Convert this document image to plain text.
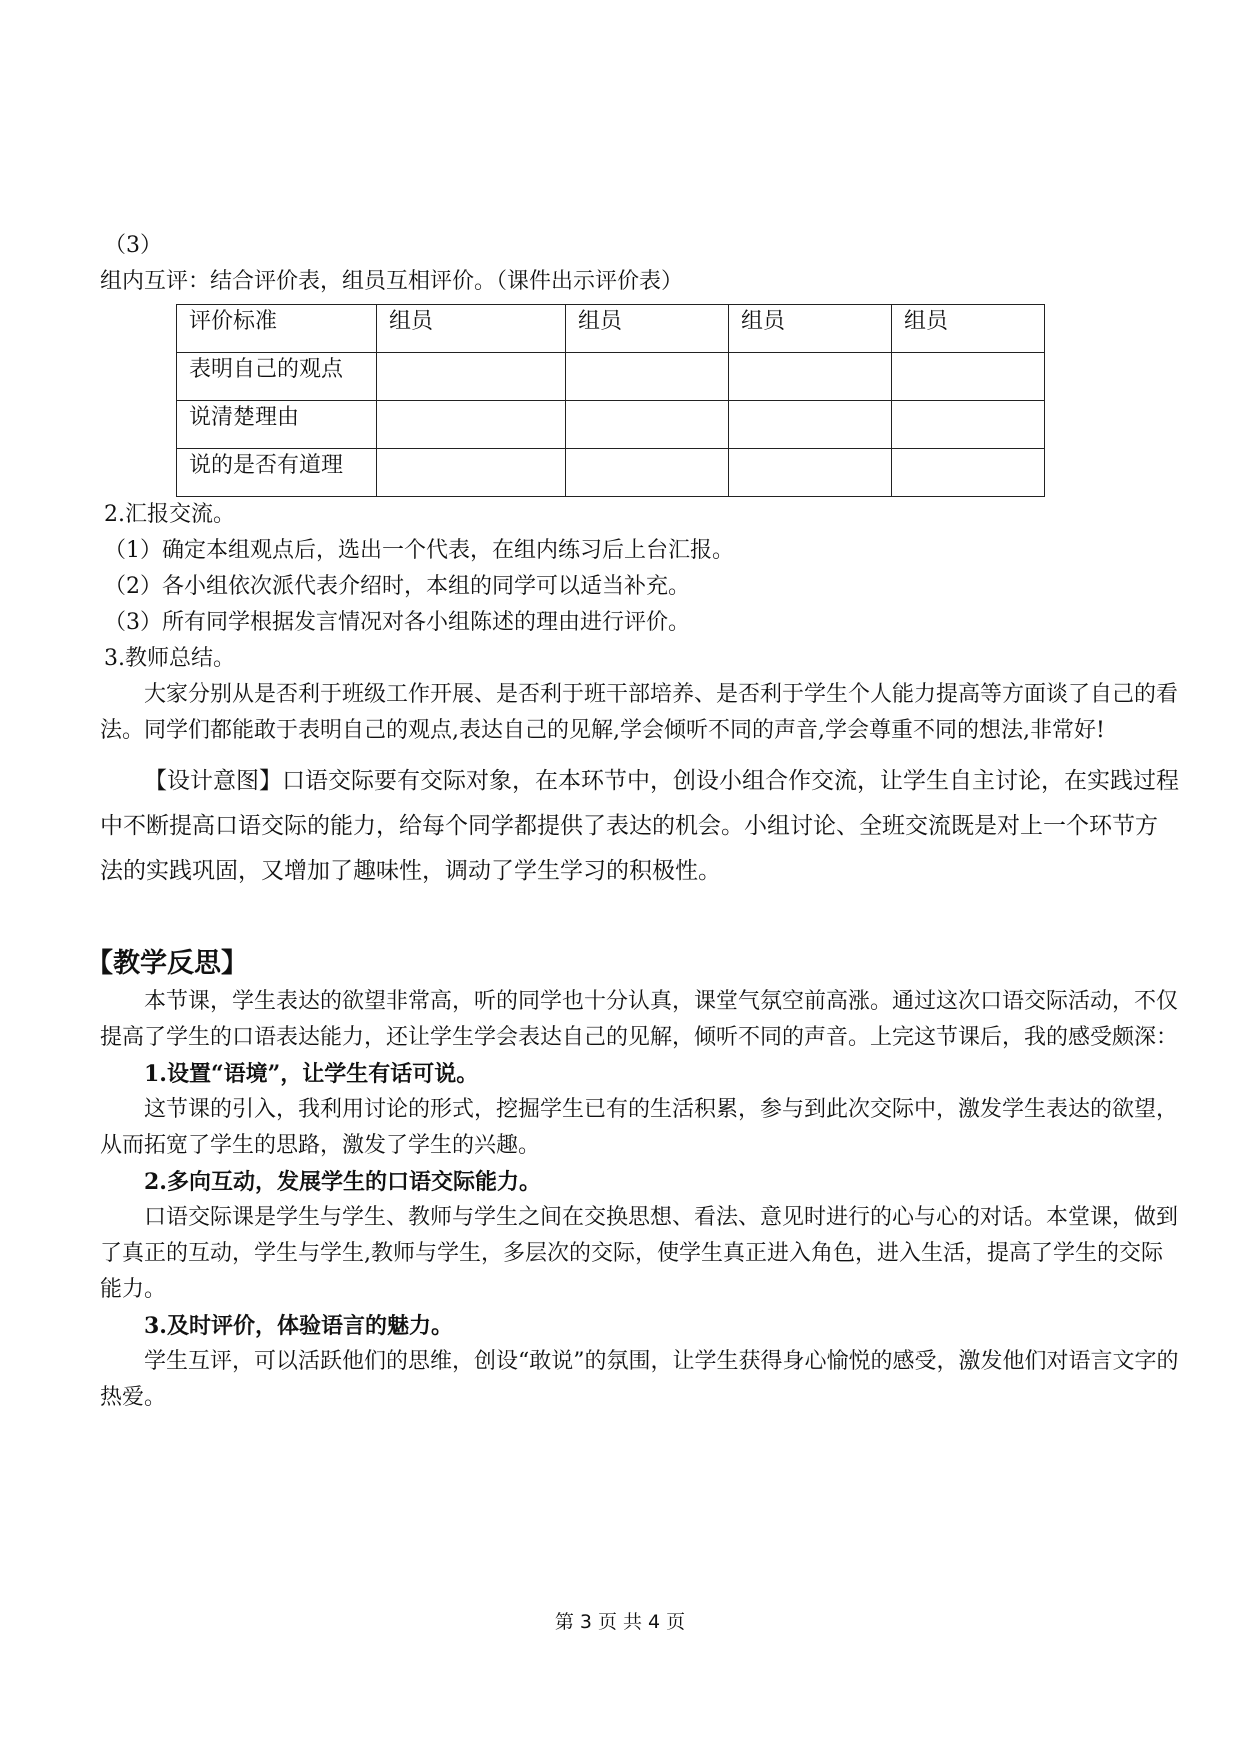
（3）

组内互评：结合评价表，组员互相评价。（课件出示评价表）

评价标准	组员	组员	组员	组员
表明自己的观点				
说清楚理由				
说的是否有道理				

2.汇报交流。

（1）确定本组观点后，选出一个代表，在组内练习后上台汇报。

（2）各小组依次派代表介绍时，本组的同学可以适当补充。

（3）所有同学根据发言情况对各小组陈述的理由进行评价。

3.教师总结。

大家分别从是否利于班级工作开展、是否利于班干部培养、是否利于学生个人能力提高等方面谈了自己的看法。同学们都能敢于表明自己的观点,表达自己的见解,学会倾听不同的声音,学会尊重不同的想法,非常好!

【设计意图】口语交际要有交际对象，在本环节中，创设小组合作交流，让学生自主讨论，在实践过程中不断提高口语交际的能力，给每个同学都提供了表达的机会。小组讨论、全班交流既是对上一个环节方法的实践巩固，又增加了趣味性，调动了学生学习的积极性。

【教学反思】

本节课，学生表达的欲望非常高，听的同学也十分认真，课堂气氛空前高涨。通过这次口语交际活动，不仅提高了学生的口语表达能力，还让学生学会表达自己的见解，倾听不同的声音。上完这节课后，我的感受颇深：

1.设置“语境”，让学生有话可说。

这节课的引入，我利用讨论的形式，挖掘学生已有的生活积累，参与到此次交际中，激发学生表达的欲望，从而拓宽了学生的思路，激发了学生的兴趣。

2.多向互动，发展学生的口语交际能力。

口语交际课是学生与学生、教师与学生之间在交换思想、看法、意见时进行的心与心的对话。本堂课，做到了真正的互动，学生与学生,教师与学生，多层次的交际，使学生真正进入角色，进入生活，提高了学生的交际能力。

3.及时评价，体验语言的魅力。

学生互评，可以活跃他们的思维，创设“敢说”的氛围，让学生获得身心愉悦的感受，激发他们对语言文字的热爱。

第 3 页 共 4 页
